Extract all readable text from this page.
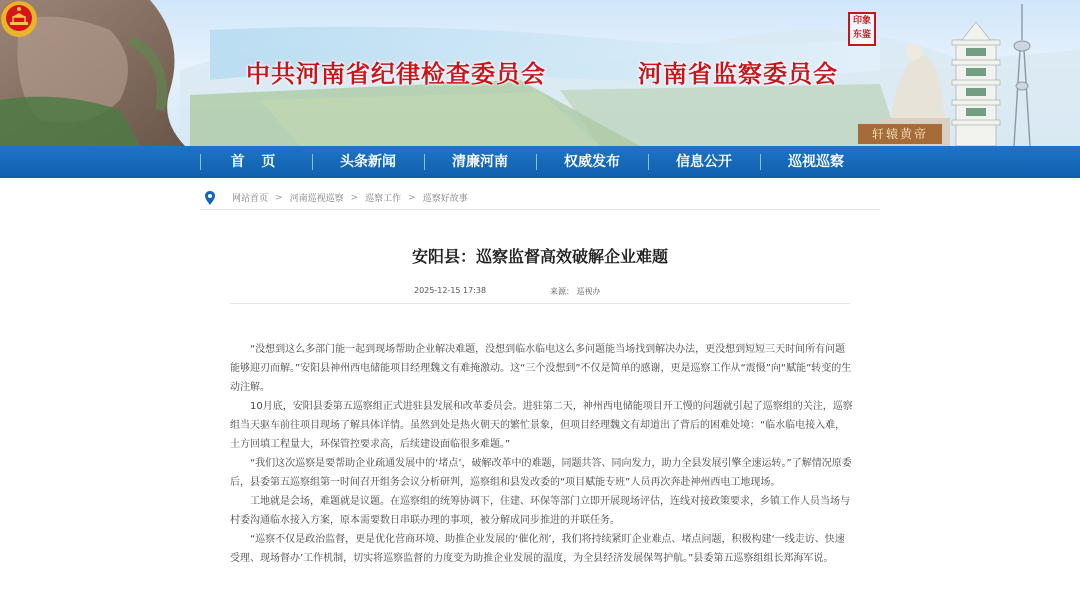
中共河南省纪律检查委员会	河南省监察委员会
印象东鉴
轩辕黄帝
首 页	头条新闻	清廉河南	权威发布	信息公开	巡视巡察
网站首页 > 河南巡视巡察 > 巡察工作 > 巡察好故事
安阳县：巡察监督高效破解企业难题
2025-12-15 17:38	来源： 巡视办

“没想到这么多部门能一起到现场帮助企业解决难题，没想到临水临电这么多问题能当场找到解决办法，更没想到短短三天时间所有问题能够迎刃而解。”安阳县神州西电储能项目经理魏文有难掩激动。这“三个没想到”不仅是简单的感谢，更是巡察工作从“震慑”向“赋能”转变的生动注解。

10月底，安阳县委第五巡察组正式进驻县发展和改革委员会。进驻第二天，神州西电储能项目开工慢的问题就引起了巡察组的关注，巡察组当天驱车前往项目现场了解具体详情。虽然到处是热火朝天的繁忙景象，但项目经理魏文有却道出了背后的困难处境：“临水临电接入难，土方回填工程量大，环保管控要求高，后续建设面临很多难题。”

“我们这次巡察是要帮助企业疏通发展中的‘堵点’，破解改革中的难题，同题共答、同向发力，助力全县发展引擎全速运转。”了解情况原委后，县委第五巡察组第一时间召开组务会议分析研判，巡察组和县发改委的“项目赋能专班”人员再次奔赴神州西电工地现场。

工地就是会场，难题就是议题。在巡察组的统筹协调下，住建、环保等部门立即开展现场评估，连线对接政策要求，乡镇工作人员当场与村委沟通临水接入方案，原本需要数日串联办理的事项，被分解成同步推进的并联任务。

“巡察不仅是政治监督，更是优化营商环境、助推企业发展的‘催化剂’，我们将持续紧盯企业难点、堵点问题，积极构建‘一线走访、快速受理、现场督办’工作机制，切实将巡察监督的力度变为助推企业发展的温度，为全县经济发展保驾护航。”县委第五巡察组组长郑海军说。
